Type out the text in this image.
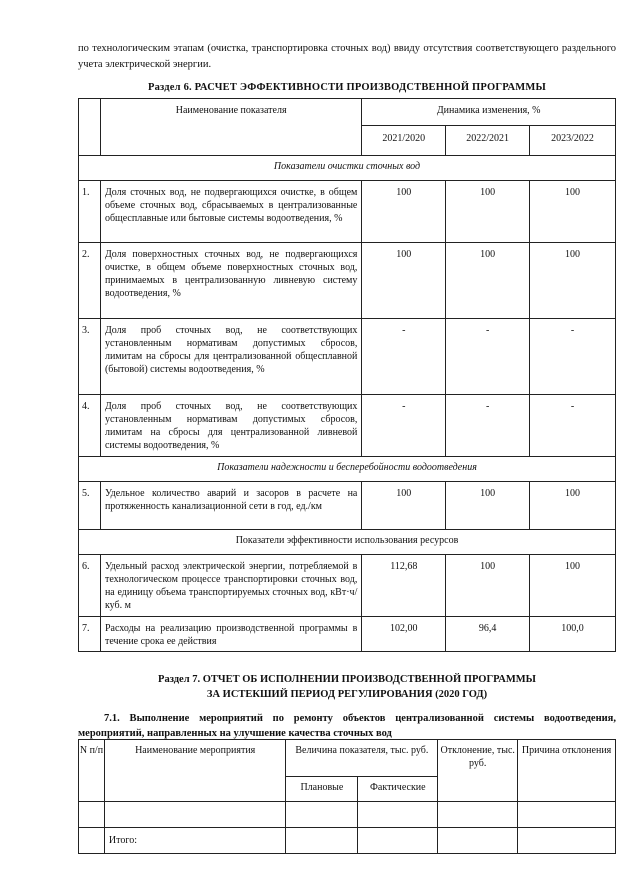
по технологическим этапам (очистка, транспортировка сточных вод) ввиду отсутствия соответствующего раздельного учета электрической энергии.
Раздел 6. РАСЧЕТ ЭФФЕКТИВНОСТИ ПРОИЗВОДСТВЕННОЙ ПРОГРАММЫ
	Наименование показателя	Динамика изменения, %		
		2021/2020	2022/2021	2023/2022
Показатели очистки сточных вод				
1.	Доля сточных вод, не подвергающихся очистке, в общем объеме сточных вод, сбрасываемых в централизованные общесплавные или бытовые системы водоотведения, %	100	100	100
2.	Доля поверхностных сточных вод, не подвергающихся очистке, в общем объеме поверхностных сточных вод, принимаемых в централизованную ливневую систему водоотведения, %	100	100	100
3.	Доля проб сточных вод, не соответствующих установленным нормативам допустимых сбросов, лимитам на сбросы для централизованной общесплавной (бытовой) системы водоотведения, %	-	-	-
4.	Доля проб сточных вод, не соответствующих установленным нормативам допустимых сбросов, лимитам на сбросы для централизованной ливневой системы водоотведения, %	-	-	-
Показатели надежности и бесперебойности водоотведения				
5.	Удельное количество аварий и засоров в расчете на протяженность канализационной сети в год, ед./км	100	100	100
Показатели эффективности использования ресурсов				
6.	Удельный расход электрической энергии, потребляемой в технологическом процессе транспортировки сточных вод, на единицу объема транспортируемых сточных вод, кВт·ч/куб. м	112,68	100	100
7.	Расходы на реализацию производственной программы в течение срока ее действия	102,00	96,4	100,0
Раздел 7. ОТЧЕТ ОБ ИСПОЛНЕНИИ ПРОИЗВОДСТВЕННОЙ ПРОГРАММЫ
ЗА ИСТЕКШИЙ ПЕРИОД РЕГУЛИРОВАНИЯ (2020 ГОД)
7.1. Выполнение мероприятий по ремонту объектов централизованной системы водоотведения, мероприятий, направленных на улучшение качества сточных вод
N п/п	Наименование мероприятия	Величина показателя, тыс. руб.		Отклонение, тыс. руб.	Причина отклонения
		Плановые	Фактические		

	Итого:				
